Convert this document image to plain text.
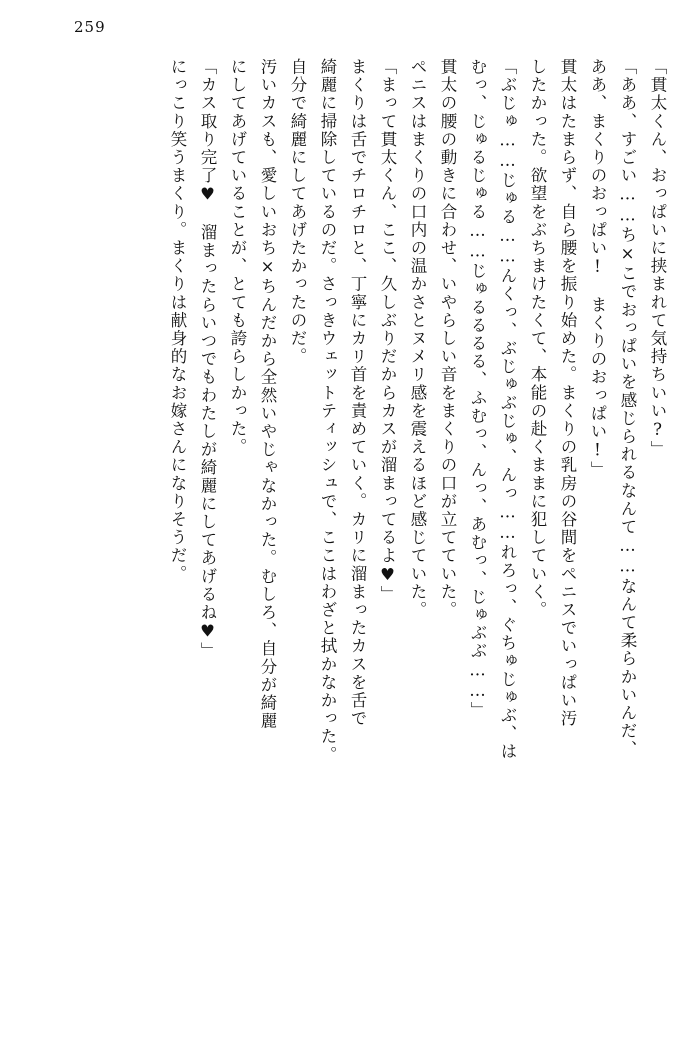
259
「貫太くん、おっぱいに挟まれて気持ちいい?」
「ああ、すごい……ち×こでおっぱいを感じられるなんて……なんて柔らかいんだ、
ああ、まくりのおっぱい!　まくりのおっぱい!」
貫太はたまらず、自ら腰を振り始めた。まくりの乳房の谷間をペニスでいっぱい汚
したかった。欲望をぶちまけたくて、本能の赴くままに犯していく。
「ぶじゅ……じゅる……んくっ、ぶじゅぶじゅ、んっ……れろっ、ぐちゅじゅぶ、は
むっ、じゅるじゅる……じゅるるるる、ふむっ、んっ、あむっ、じゅぶぶ……」
貫太の腰の動きに合わせ、いやらしい音をまくりの口が立てていた。
ペニスはまくりの口内の温かさとヌメリ感を震えるほど感じていた。
「まって貫太くん、ここ、久しぶりだからカスが溜まってるよ♥」
まくりは舌でチロチロと、丁寧にカリ首を責めていく。カリに溜まったカスを舌で
綺麗に掃除しているのだ。さっきウェットティッシュで、ここはわざと拭かなかった。
自分で綺麗にしてあげたかったのだ。
汚いカスも、愛しいおち×ちんだから全然いやじゃなかった。むしろ、自分が綺麗
にしてあげていることが、とても誇らしかった。
「カス取り完了♥　溜まったらいつでもわたしが綺麗にしてあげるね♥」
にっこり笑うまくり。まくりは献身的なお嫁さんになりそうだ。
